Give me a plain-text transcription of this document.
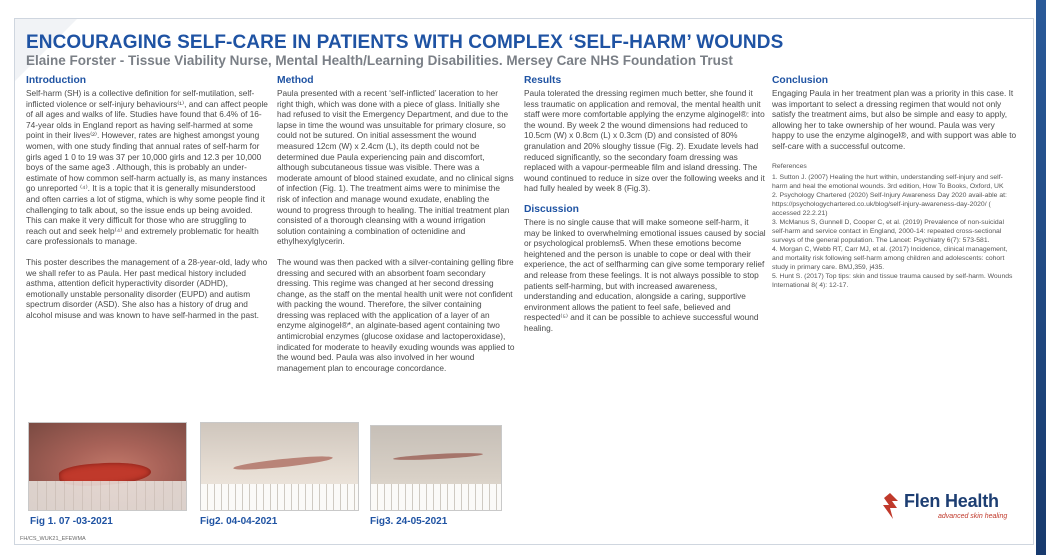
ENCOURAGING SELF-CARE IN PATIENTS WITH COMPLEX ‘SELF-HARM’ WOUNDS
Elaine Forster - Tissue Viability Nurse, Mental Health/Learning Disabilities. Mersey Care NHS Foundation Trust
Introduction

Self-harm (SH) is a collective definition for self-mutilation, self-inflicted violence or self-injury behaviours⁽¹⁾, and can affect people of all ages and walks of life. Studies have found that 6.4% of 16-74-year olds in England report as having self-harmed at some point in their lives⁽²⁾. However, rates are highest amongst young women, with one study finding that annual rates of self-harm for girls aged 1 0 to 19 was 37 per 10,000 girls and 12.3 per 10,000 boys of the same age3 . Although, this is probably an under-estimate of how common self-harm actually is, as many instances go unreported ⁽⁴⁾. It is a topic that it is generally misunderstood and often carries a lot of stigma, which is why some people find it challenging to talk about, so the issue ends up being avoided. This can make it very difficult for those who are struggling to reach out and seek help⁽⁴⁾ and extremely problematic for health care professionals to manage.

This poster describes the management of a 28-year-old, lady who we shall refer to as Paula. Her past medical history included asthma, attention deficit hyperactivity disorder (ADHD), emotionally unstable personality disorder (EUPD) and autism spectrum disorder (ASD). She also has a history of drug and alcohol misuse and was known to have self-harmed in the past.

Method

Paula presented with a recent ‘self-inflicted’ laceration to her right thigh, which was done with a piece of glass. Initially she had refused to visit the Emergency Department, and due to the lapse in time the wound was unsuitable for primary closure, so could not be sutured. On initial assessment the wound measured 12cm (W) x 2.4cm (L), its depth could not be determined due Paula experiencing pain and discomfort, although subcutaneous tissue was visible. There was a moderate amount of blood stained exudate, and no clinical signs of infection (Fig. 1). The treatment aims were to minimise the risk of infection and manage wound exudate, enabling the wound to progress through to healing. The initial treatment plan consisted of a thorough cleansing with a wound irrigation solution containing a combination of octenidine and ethylhexylglycerin.

The wound was then packed with a silver-containing gelling fibre dressing and secured with an absorbent foam secondary dressing. This regime was changed at her second dressing change, as the staff on the mental health unit were not confident with packing the wound. Therefore, the silver containing dressing was replaced with the application of a layer of an enzyme alginogel®*, an alginate-based agent containing two antimicrobial enzymes (glucose oxidase and lactoperoxidase), indicated for moderate to heavily exuding wounds was applied to the wound bed. Paula was also involved in her wound management plan to encourage concordance.

Results

Paula tolerated the dressing regimen much better, she found it less traumatic on application and removal, the mental health unit staff were more comfortable applying the enzyme alginogel®: into the wound. By week 2 the wound dimensions had reduced to 10.5cm (W) x 0.8cm (L) x 0.3cm (D) and consisted of 80% granulation and 20% sloughy tissue (Fig. 2). Exudate levels had reduced significantly, so the secondary foam dressing was replaced with a vapour-permeable film and island dressing. The wound continued to reduce in size over the following weeks and it had fully healed by week 8 (Fig.3).

Discussion

There is no single cause that will make someone self-harm, it may be linked to overwhelming emotional issues caused by social or psychological problems5. When these emotions become heightened and the person is unable to cope or deal with their experience, the act of selfharming can give some temporary relief and release from these feelings. It is not always possible to stop patients self-harming, but with increased awareness, understanding and education, alongside a caring, supportive environment allows the patient to feel safe, believed and respected⁽⁵⁾ and it can be possible to achieve successful wound healing.

Conclusion

Engaging Paula in her treatment plan was a priority in this case. It was important to select a dressing regimen that would not only satisfy the treatment aims, but also be simple and easy to apply, allowing her to take ownership of her wound. Paula was very happy to use the enzyme alginogel®, and with support was able to self-care with a successful outcome.

References
1. Sutton J. (2007) Healing the hurt within, understanding self-injury and self-harm and heal the emotional wounds. 3rd edition, How To Books, Oxford, UK
2. Psychology Chartered (2020) Self-Injury Awareness Day 2020 avail-able at: https://psychologychartered.co.uk/blog/self-injury-awareness-day-2020/ ( accessed 22.2.21)
3. McManus S, Gunnell D, Cooper C, et al. (2019) Prevalence of non-suicidal self-harm and service contact in England, 2000-14: repeated cross-sectional surveys of the general population. The Lancet: Psychiatry 6(7): 573-581.
4. Morgan C, Webb RT, Carr MJ, et al. (2017) Incidence, clinical management, and mortality risk following self-harm among children and adolescents: cohort study in primary care. BMJ,359, j435.
5. Hunt S. (2017) Top tips: skin and tissue trauma caused by self-harm. Wounds International 8( 4): 12-17.
Fig 1. 07 -03-2021	Fig2. 04-04-2021	Fig3. 24-05-2021
FH/CS_WUK21_EFEWMA
Flen Health
advanced skin healing
